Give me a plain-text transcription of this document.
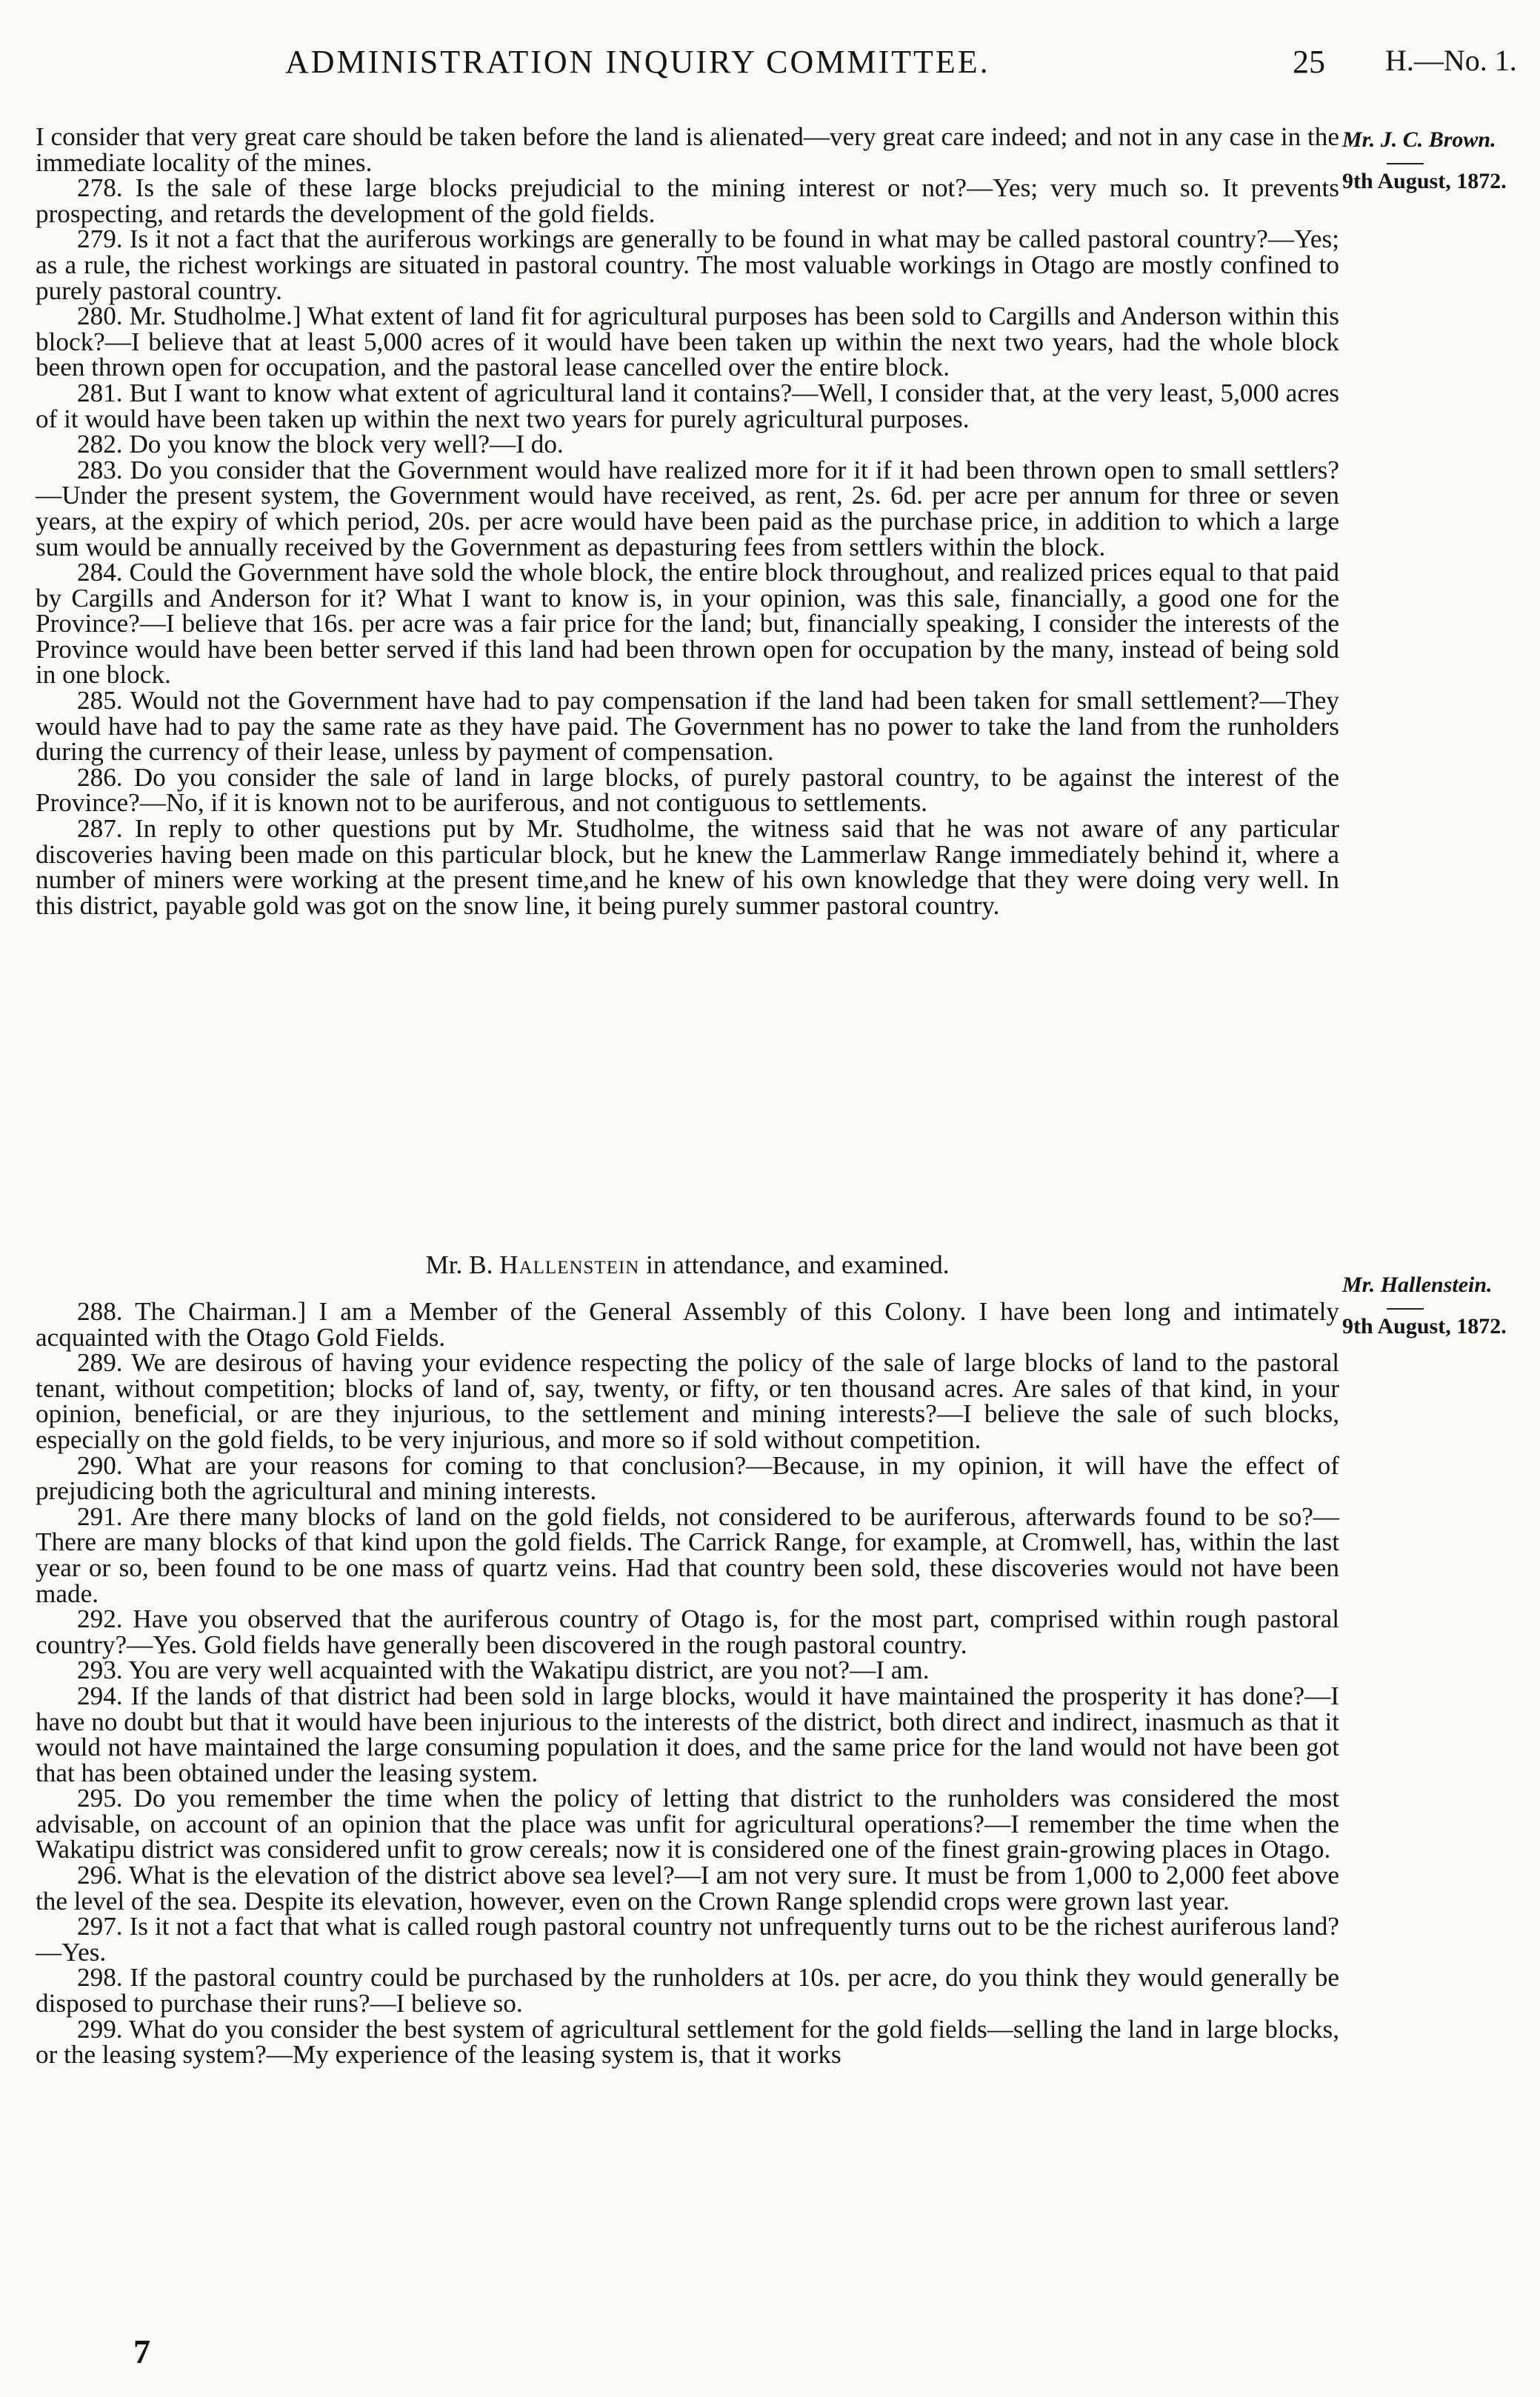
ADMINISTRATION INQUIRY COMMITTEE.	25 H.—No. 1.
Mr. J. C. Brown.
9th August, 1872.

I consider that very great care should be taken before the land is alienated—very great care indeed; and not in any case in the immediate locality of the mines.

278. Is the sale of these large blocks prejudicial to the mining interest or not?—Yes; very much so. It prevents prospecting, and retards the development of the gold fields.

279. Is it not a fact that the auriferous workings are generally to be found in what may be called pastoral country?—Yes; as a rule, the richest workings are situated in pastoral country. The most valuable workings in Otago are mostly confined to purely pastoral country.

280. Mr. Studholme.] What extent of land fit for agricultural purposes has been sold to Cargills and Anderson within this block?—I believe that at least 5,000 acres of it would have been taken up within the next two years, had the whole block been thrown open for occupation, and the pastoral lease cancelled over the entire block.

281. But I want to know what extent of agricultural land it contains?—Well, I consider that, at the very least, 5,000 acres of it would have been taken up within the next two years for purely agricultural purposes.

282. Do you know the block very well?—I do.

283. Do you consider that the Government would have realized more for it if it had been thrown open to small settlers?—Under the present system, the Government would have received, as rent, 2s. 6d. per acre per annum for three or seven years, at the expiry of which period, 20s. per acre would have been paid as the purchase price, in addition to which a large sum would be annually received by the Government as depasturing fees from settlers within the block.

284. Could the Government have sold the whole block, the entire block throughout, and realized prices equal to that paid by Cargills and Anderson for it? What I want to know is, in your opinion, was this sale, financially, a good one for the Province?—I believe that 16s. per acre was a fair price for the land; but, financially speaking, I consider the interests of the Province would have been better served if this land had been thrown open for occupation by the many, instead of being sold in one block.

285. Would not the Government have had to pay compensation if the land had been taken for small settlement?—They would have had to pay the same rate as they have paid. The Government has no power to take the land from the runholders during the currency of their lease, unless by payment of compensation.

286. Do you consider the sale of land in large blocks, of purely pastoral country, to be against the interest of the Province?—No, if it is known not to be auriferous, and not contiguous to settlements.

287. In reply to other questions put by Mr. Studholme, the witness said that he was not aware of any particular discoveries having been made on this particular block, but he knew the Lammerlaw Range immediately behind it, where a number of miners were working at the present time,and he knew of his own knowledge that they were doing very well. In this district, payable gold was got on the snow line, it being purely summer pastoral country.

Mr. Hallenstein.
9th August, 1872.
Mr. B. Hallenstein in attendance, and examined.

288. The Chairman.] I am a Member of the General Assembly of this Colony. I have been long and intimately acquainted with the Otago Gold Fields.

289. We are desirous of having your evidence respecting the policy of the sale of large blocks of land to the pastoral tenant, without competition; blocks of land of, say, twenty, or fifty, or ten thousand acres. Are sales of that kind, in your opinion, beneficial, or are they injurious, to the settlement and mining interests?—I believe the sale of such blocks, especially on the gold fields, to be very injurious, and more so if sold without competition.

290. What are your reasons for coming to that conclusion?—Because, in my opinion, it will have the effect of prejudicing both the agricultural and mining interests.

291. Are there many blocks of land on the gold fields, not considered to be auriferous, afterwards found to be so?—There are many blocks of that kind upon the gold fields. The Carrick Range, for example, at Cromwell, has, within the last year or so, been found to be one mass of quartz veins. Had that country been sold, these discoveries would not have been made.

292. Have you observed that the auriferous country of Otago is, for the most part, comprised within rough pastoral country?—Yes. Gold fields have generally been discovered in the rough pastoral country.

293. You are very well acquainted with the Wakatipu district, are you not?—I am.

294. If the lands of that district had been sold in large blocks, would it have maintained the prosperity it has done?—I have no doubt but that it would have been injurious to the interests of the district, both direct and indirect, inasmuch as that it would not have maintained the large consuming population it does, and the same price for the land would not have been got that has been obtained under the leasing system.

295. Do you remember the time when the policy of letting that district to the runholders was considered the most advisable, on account of an opinion that the place was unfit for agricultural operations?—I remember the time when the Wakatipu district was considered unfit to grow cereals; now it is considered one of the finest grain-growing places in Otago.

296. What is the elevation of the district above sea level?—I am not very sure. It must be from 1,000 to 2,000 feet above the level of the sea. Despite its elevation, however, even on the Crown Range splendid crops were grown last year.

297. Is it not a fact that what is called rough pastoral country not unfrequently turns out to be the richest auriferous land?—Yes.

298. If the pastoral country could be purchased by the runholders at 10s. per acre, do you think they would generally be disposed to purchase their runs?—I believe so.

299. What do you consider the best system of agricultural settlement for the gold fields—selling the land in large blocks, or the leasing system?—My experience of the leasing system is, that it works

7
